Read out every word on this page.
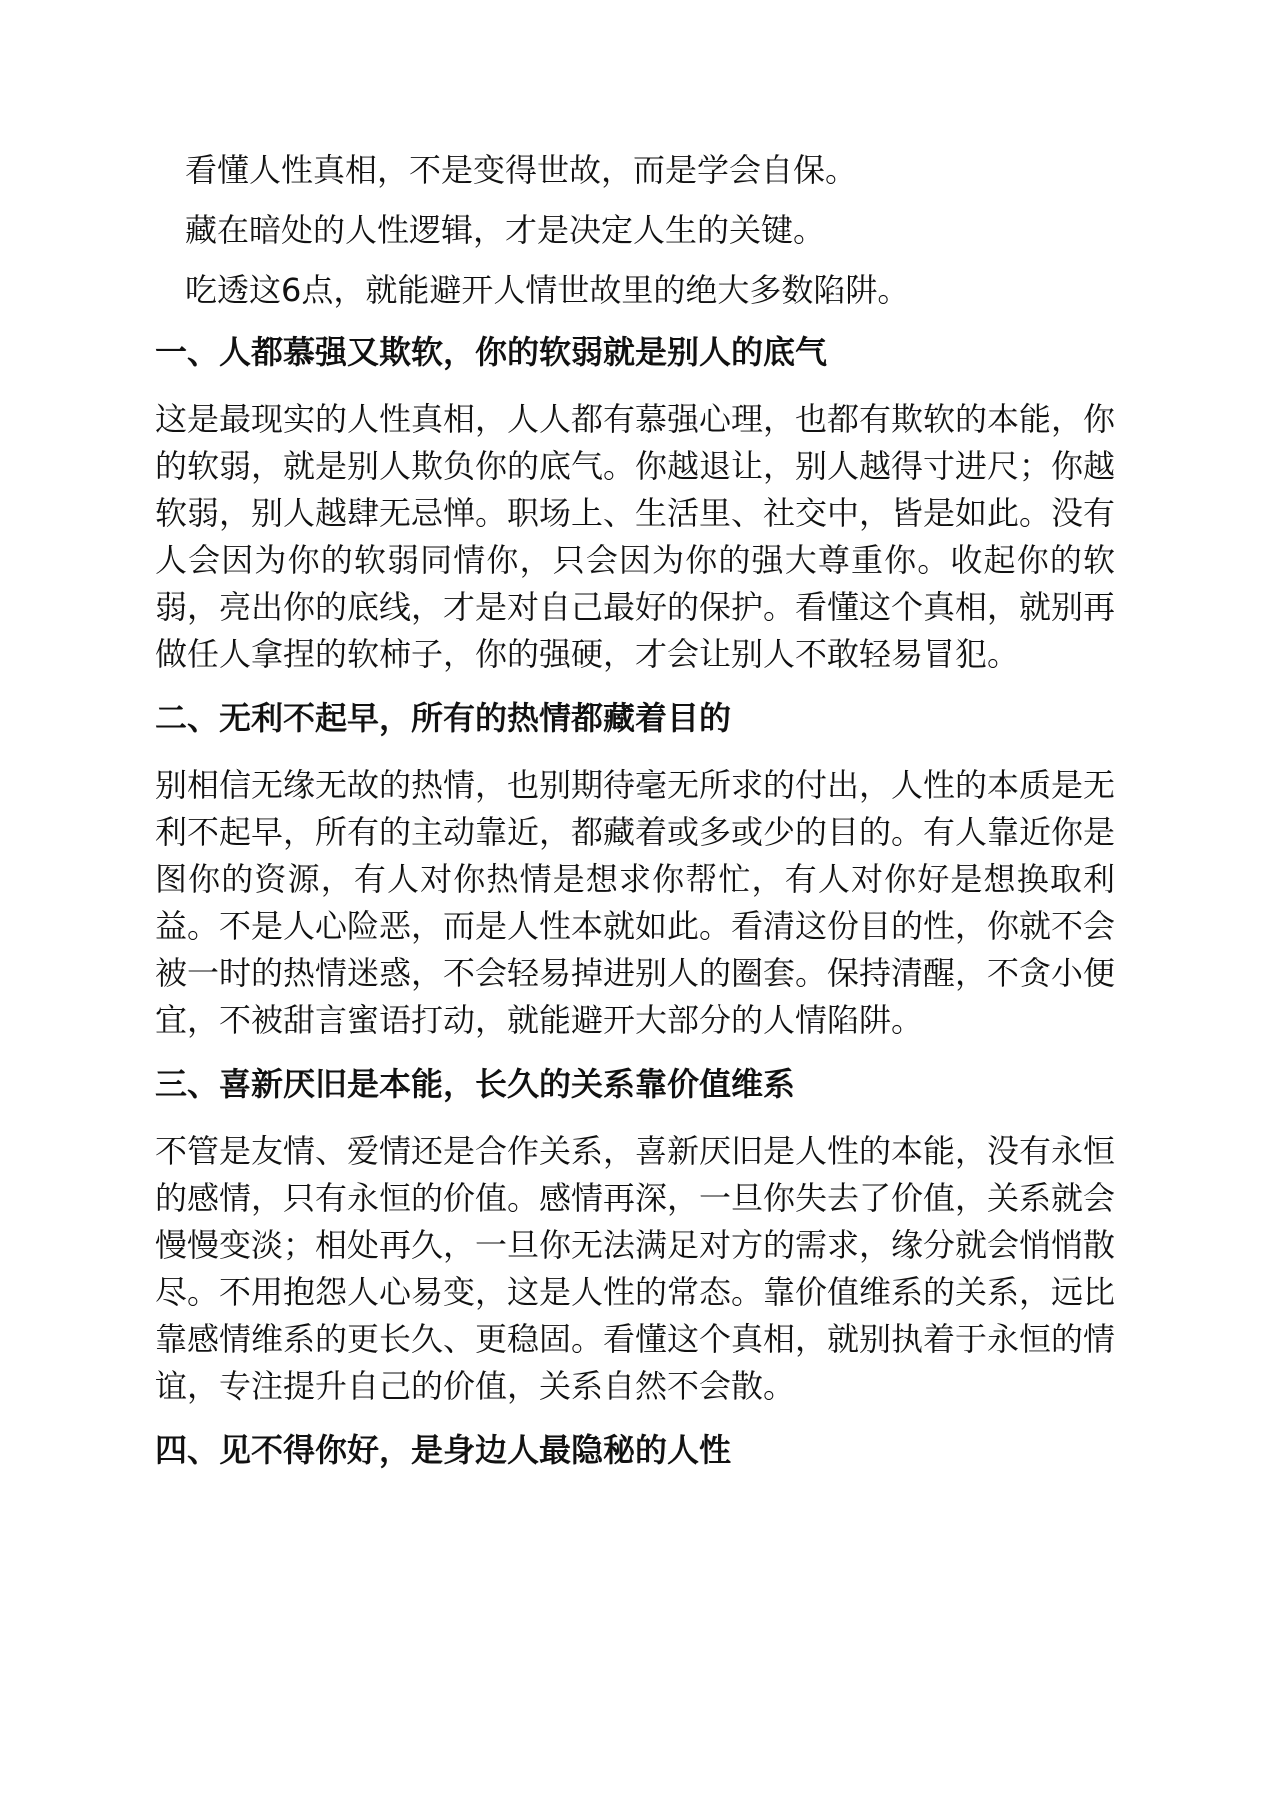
看懂人性真相，不是变得世故，而是学会自保。

藏在暗处的人性逻辑，才是决定人生的关键。

吃透这6点，就能避开人情世故里的绝大多数陷阱。

一、人都慕强又欺软，你的软弱就是别人的底气

这是最现实的人性真相，人人都有慕强心理，也都有欺软的本能，你的软弱，就是别人欺负你的底气。你越退让，别人越得寸进尺；你越软弱，别人越肆无忌惮。职场上、生活里、社交中，皆是如此。没有人会因为你的软弱同情你，只会因为你的强大尊重你。收起你的软弱，亮出你的底线，才是对自己最好的保护。看懂这个真相，就别再做任人拿捏的软柿子，你的强硬，才会让别人不敢轻易冒犯。

二、无利不起早，所有的热情都藏着目的

别相信无缘无故的热情，也别期待毫无所求的付出，人性的本质是无利不起早，所有的主动靠近，都藏着或多或少的目的。有人靠近你是图你的资源，有人对你热情是想求你帮忙，有人对你好是想换取利益。不是人心险恶，而是人性本就如此。看清这份目的性，你就不会被一时的热情迷惑，不会轻易掉进别人的圈套。保持清醒，不贪小便宜，不被甜言蜜语打动，就能避开大部分的人情陷阱。

三、喜新厌旧是本能，长久的关系靠价值维系

不管是友情、爱情还是合作关系，喜新厌旧是人性的本能，没有永恒的感情，只有永恒的价值。感情再深，一旦你失去了价值，关系就会慢慢变淡；相处再久，一旦你无法满足对方的需求，缘分就会悄悄散尽。不用抱怨人心易变，这是人性的常态。靠价值维系的关系，远比靠感情维系的更长久、更稳固。看懂这个真相，就别执着于永恒的情谊，专注提升自己的价值，关系自然不会散。

四、见不得你好，是身边人最隐秘的人性
